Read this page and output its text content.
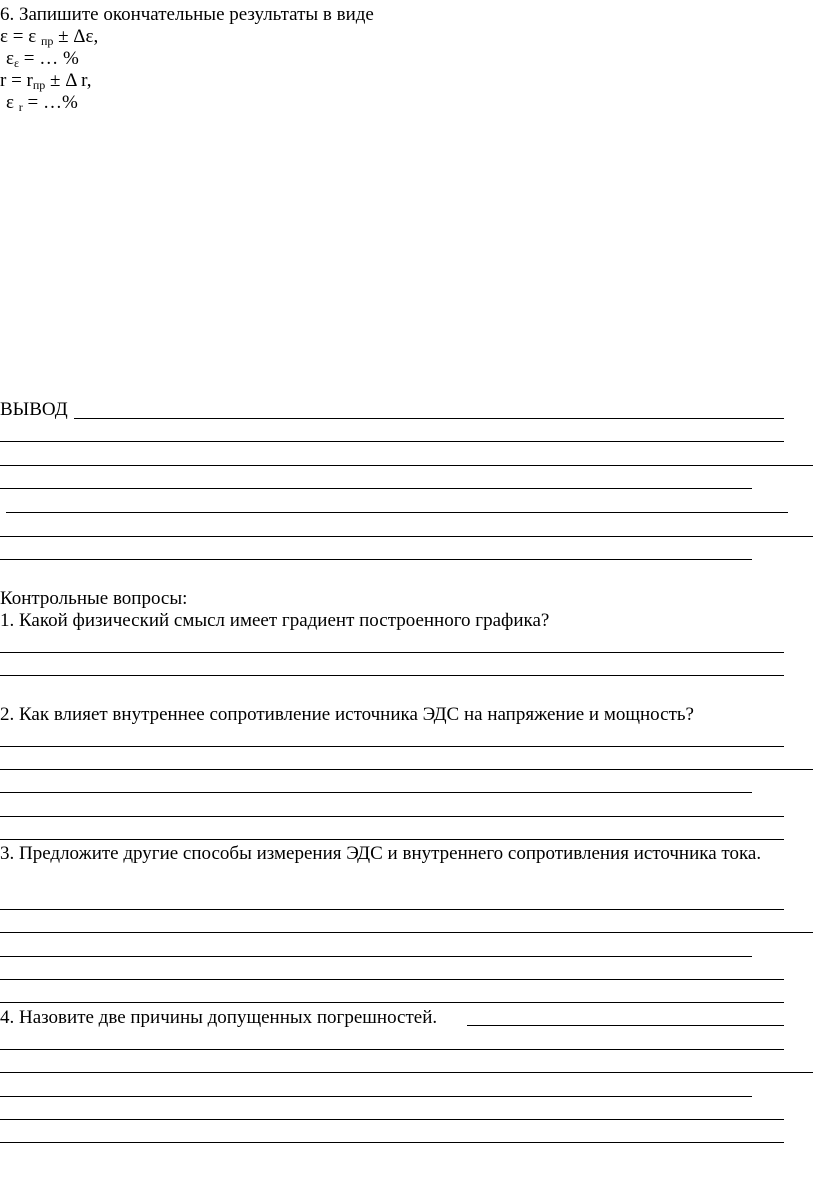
6. Запишите окончательные результаты в виде

ε = ε $_{пр}$ ± Δε,

$\varepsilon_\varepsilon$ = … %

$r = r_{пр} \pm \Delta$ r,

ε $_r$ = …%

ВЫВОД

Контрольные вопросы:

1. Какой физический смысл имеет градиент построенного графика?

2. Как влияет внутреннее сопротивление источника ЭДС на напряжение и мощность?

3. Предложите другие способы измерения ЭДС и внутреннего сопротивления источника тока.

4. Назовите две причины допущенных погрешностей.
